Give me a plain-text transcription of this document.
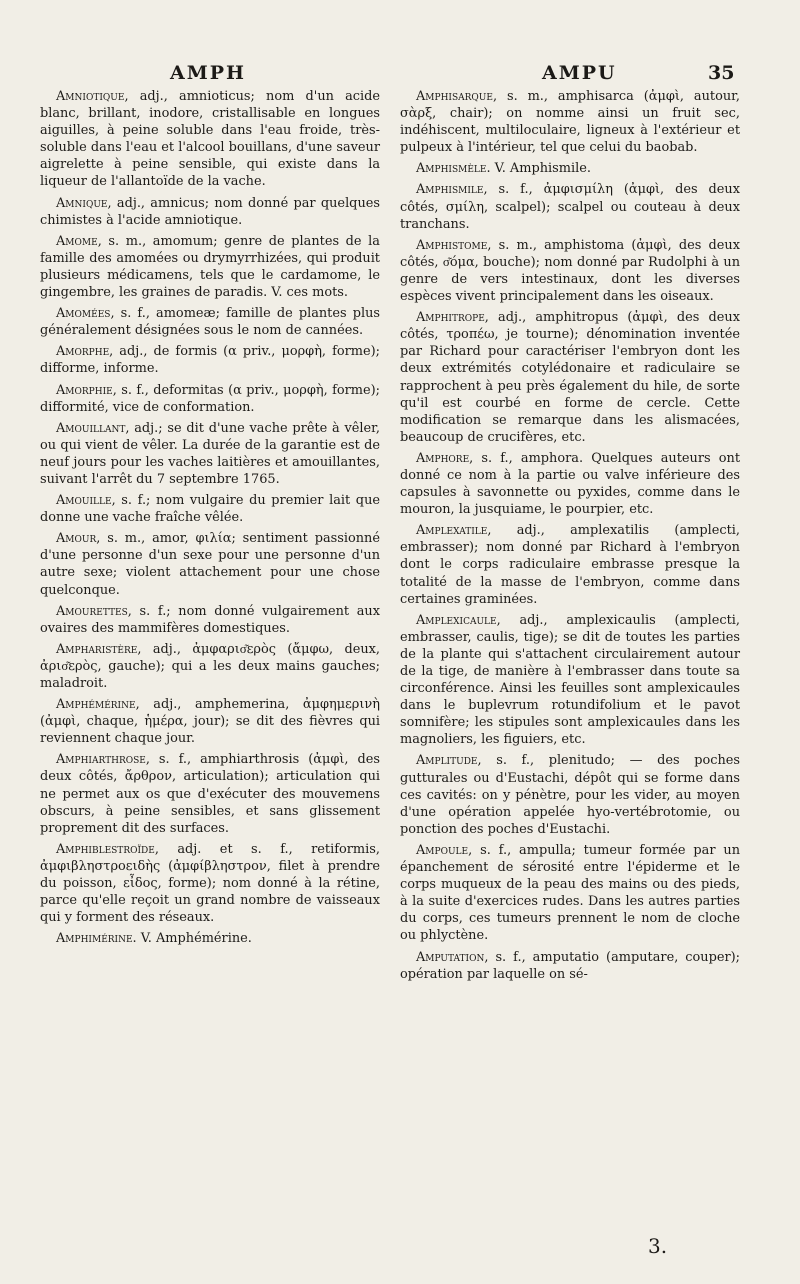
AMPH	AMPU	35

Amniotique, adj., amnioticus; nom d'un acide blanc, brillant, inodore, cristallisable en longues aiguilles, à peine soluble dans l'eau froide, très-soluble dans l'eau et l'alcool bouillans, d'une saveur aigrelette à peine sensible, qui existe dans la liqueur de l'allantoïde de la vache.

Amnique, adj., amnicus; nom donné par quelques chimistes à l'acide amniotique.

Amome, s. m., amomum; genre de plantes de la famille des amomées ou drymyrrhizées, qui produit plusieurs médicamens, tels que le cardamome, le gingembre, les graines de paradis. V. ces mots.

Amomées, s. f., amomeæ; famille de plantes plus généralement désignées sous le nom de cannées.

Amorphe, adj., de formis (α priv., μορφὴ, forme); difforme, informe.

Amorphie, s. f., deformitas (α priv., μορφὴ, forme); difformité, vice de conformation.

Amouillant, adj.; se dit d'une vache prête à vêler, ou qui vient de vêler. La durée de la garantie est de neuf jours pour les vaches laitières et amouillantes, suivant l'arrêt du 7 septembre 1765.

Amouille, s. f.; nom vulgaire du premier lait que donne une vache fraîche vêlée.

Amour, s. m., amor, φιλία; sentiment passionné d'une personne d'un sexe pour une personne d'un autre sexe; violent attachement pour une chose quelconque.

Amourettes, s. f.; nom donné vulgairement aux ovaires des mammifères domestiques.

Ampharistère, adj., ἀμφαρισ͂ερὸς (ἄμφω, deux, ἀρισ͂ερὸς, gauche); qui a les deux mains gauches; maladroit.

Amphémérine, adj., amphemerina, ἀμφημερινὴ (ἀμφὶ, chaque, ἡμέρα, jour); se dit des fièvres qui reviennent chaque jour.

Amphiarthrose, s. f., amphiarthrosis (ἀμφὶ, des deux côtés, ἄρθρον, articulation); articulation qui ne permet aux os que d'exécuter des mouvemens obscurs, à peine sensibles, et sans glissement proprement dit des surfaces.

Amphiblestroïde, adj. et s. f., retiformis, ἀμφιβληστροειδὴς (ἀμφίβληστρον, filet à prendre du poisson, εἶδος, forme); nom donné à la rétine, parce qu'elle reçoit un grand nombre de vaisseaux qui y forment des réseaux.

Amphimérine. V. Amphémérine.

Amphisarque, s. m., amphisarca (ἀμφὶ, autour, σὰρξ, chair); on nomme ainsi un fruit sec, indéhiscent, multiloculaire, ligneux à l'extérieur et pulpeux à l'intérieur, tel que celui du baobab.

Amphismèle. V. Amphismile.

Amphismile, s. f., ἀμφισμίλη (ἀμφὶ, des deux côtés, σμίλη, scalpel); scalpel ou couteau à deux tranchans.

Amphistome, s. m., amphistoma (ἀμφὶ, des deux côtés, σ͂όμα, bouche); nom donné par Rudolphi à un genre de vers intestinaux, dont les diverses espèces vivent principalement dans les oiseaux.

Amphitrope, adj., amphitropus (ἀμφὶ, des deux côtés, τροπέω, je tourne); dénomination inventée par Richard pour caractériser l'embryon dont les deux extrémités cotylédonaire et radiculaire se rapprochent à peu près également du hile, de sorte qu'il est courbé en forme de cercle. Cette modification se remarque dans les alismacées, beaucoup de crucifères, etc.

Amphore, s. f., amphora. Quelques auteurs ont donné ce nom à la partie ou valve inférieure des capsules à savonnette ou pyxides, comme dans le mouron, la jusquiame, le pourpier, etc.

Amplexatile, adj., amplexatilis (amplecti, embrasser); nom donné par Richard à l'embryon dont le corps radiculaire embrasse presque la totalité de la masse de l'embryon, comme dans certaines graminées.

Amplexicaule, adj., amplexicaulis (amplecti, embrasser, caulis, tige); se dit de toutes les parties de la plante qui s'attachent circulairement autour de la tige, de manière à l'embrasser dans toute sa circonférence. Ainsi les feuilles sont amplexicaules dans le buplevrum rotundifolium et le pavot somnifère; les stipules sont amplexicaules dans les magnoliers, les figuiers, etc.

Amplitude, s. f., plenitudo; — des poches gutturales ou d'Eustachi, dépôt qui se forme dans ces cavités: on y pénètre, pour les vider, au moyen d'une opération appelée hyo-vertébrotomie, ou ponction des poches d'Eustachi.

Ampoule, s. f., ampulla; tumeur formée par un épanchement de sérosité entre l'épiderme et le corps muqueux de la peau des mains ou des pieds, à la suite d'exercices rudes. Dans les autres parties du corps, ces tumeurs prennent le nom de cloche ou phlyctène.

Amputation, s. f., amputatio (amputare, couper); opération par laquelle on sé-

3.
